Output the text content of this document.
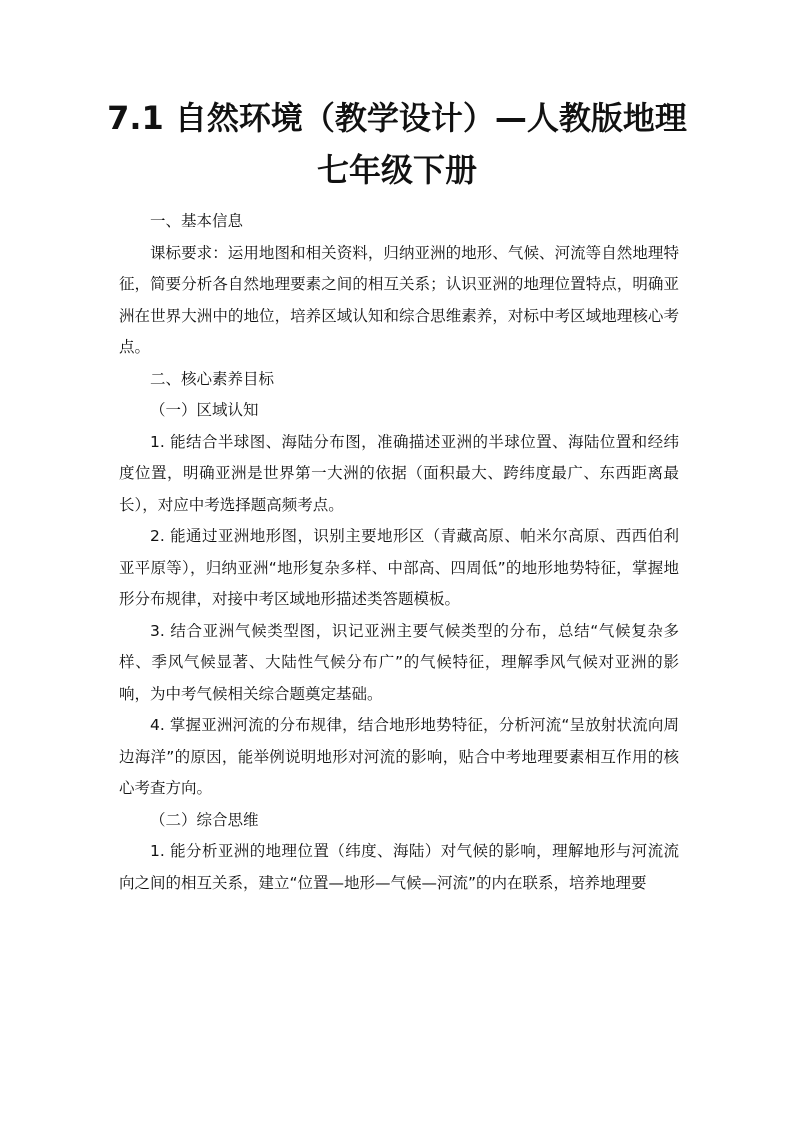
7.1 自然环境（教学设计）—人教版地理七年级下册

一、基本信息

课标要求：运用地图和相关资料，归纳亚洲的地形、气候、河流等自然地理特征，简要分析各自然地理要素之间的相互关系；认识亚洲的地理位置特点，明确亚洲在世界大洲中的地位，培养区域认知和综合思维素养，对标中考区域地理核心考点。

二、核心素养目标

（一）区域认知

1. 能结合半球图、海陆分布图，准确描述亚洲的半球位置、海陆位置和经纬度位置，明确亚洲是世界第一大洲的依据（面积最大、跨纬度最广、东西距离最长），对应中考选择题高频考点。

2. 能通过亚洲地形图，识别主要地形区（青藏高原、帕米尔高原、西西伯利亚平原等），归纳亚洲“地形复杂多样、中部高、四周低”的地形地势特征，掌握地形分布规律，对接中考区域地形描述类答题模板。

3. 结合亚洲气候类型图，识记亚洲主要气候类型的分布，总结“气候复杂多样、季风气候显著、大陆性气候分布广”的气候特征，理解季风气候对亚洲的影响，为中考气候相关综合题奠定基础。

4. 掌握亚洲河流的分布规律，结合地形地势特征，分析河流“呈放射状流向周边海洋”的原因，能举例说明地形对河流的影响，贴合中考地理要素相互作用的核心考查方向。

（二）综合思维

1. 能分析亚洲的地理位置（纬度、海陆）对气候的影响，理解地形与河流流向之间的相互关系，建立“位置—地形—气候—河流”的内在联系，培养地理要
